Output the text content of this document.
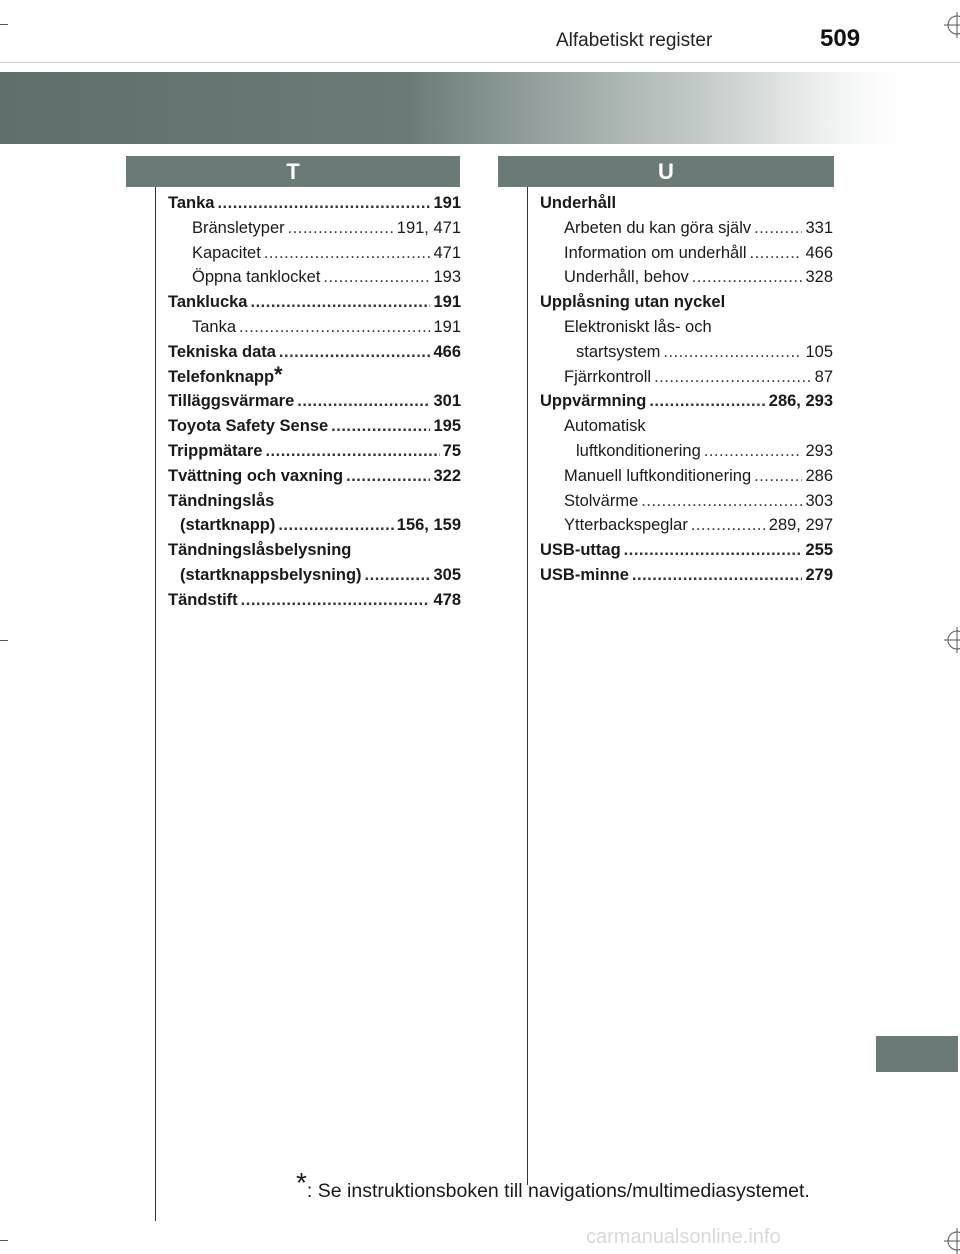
Alfabetiskt register	509
T	U
Tanka .....	191
Bränsletyper .....	191, 471
Kapacitet .....	471
Öppna tanklocket .....	193
Tanklucka .....	191
Tanka .....	191
Tekniska data .....	466
Telefonknapp *
Tilläggsvärmare .....	301
Toyota Safety Sense .....	195
Trippmätare .....	75
Tvättning och vaxning .....	322
Tändningslås
(startknapp) .....	156, 159
Tändningslåsbelysning
(startknappsbelysning) .....	305
Tändstift .....	478
Underhåll
Arbeten du kan göra själv .....	331
Information om underhåll .....	466
Underhåll, behov .....	328
Upplåsning utan nyckel
Elektroniskt lås- och
startsystem .....	105
Fjärrkontroll .....	87
Uppvärmning .....	286, 293
Automatisk
luftkonditionering .....	293
Manuell luftkonditionering .....	286
Stolvärme .....	303
Ytterbackspeglar .....	289, 297
USB-uttag .....	255
USB-minne .....	279
*: Se instruktionsboken till navigations/multimediasystemet.
carmanualsonline.info
